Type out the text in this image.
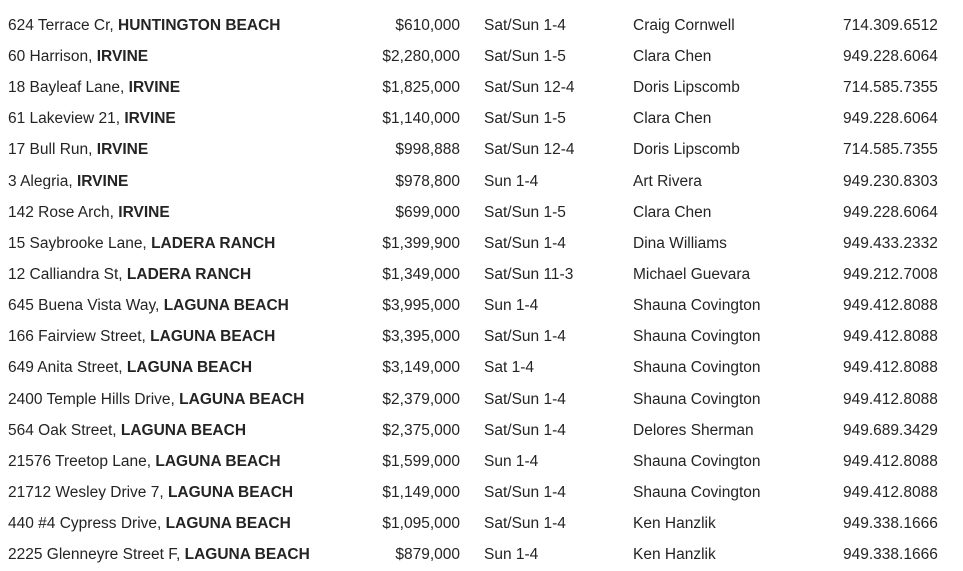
624 Terrace Cr, HUNTINGTON BEACH	$610,000 Sat/Sun 1-4	Craig Cornwell	714.309.6512
60 Harrison, IRVINE	$2,280,000 Sat/Sun 1-5	Clara Chen	949.228.6064
18 Bayleaf Lane, IRVINE	$1,825,000 Sat/Sun 12-4	Doris Lipscomb	714.585.7355
61 Lakeview 21, IRVINE	$1,140,000 Sat/Sun 1-5	Clara Chen	949.228.6064
17 Bull Run, IRVINE	$998,888 Sat/Sun 12-4	Doris Lipscomb	714.585.7355
3 Alegria, IRVINE	$978,800 Sun 1-4	Art Rivera	949.230.8303
142 Rose Arch, IRVINE	$699,000 Sat/Sun 1-5	Clara Chen	949.228.6064
15 Saybrooke Lane, LADERA RANCH	$1,399,900 Sat/Sun 1-4	Dina Williams	949.433.2332
12 Calliandra St, LADERA RANCH	$1,349,000 Sat/Sun 11-3	Michael Guevara	949.212.7008
645 Buena Vista Way, LAGUNA BEACH	$3,995,000 Sun 1-4	Shauna Covington	949.412.8088
166 Fairview Street, LAGUNA BEACH	$3,395,000 Sat/Sun 1-4	Shauna Covington	949.412.8088
649 Anita Street, LAGUNA BEACH	$3,149,000 Sat 1-4	Shauna Covington	949.412.8088
2400 Temple Hills Drive, LAGUNA BEACH	$2,379,000 Sat/Sun 1-4	Shauna Covington	949.412.8088
564 Oak Street, LAGUNA BEACH	$2,375,000 Sat/Sun 1-4	Delores Sherman	949.689.3429
21576 Treetop Lane, LAGUNA BEACH	$1,599,000 Sun 1-4	Shauna Covington	949.412.8088
21712 Wesley Drive 7, LAGUNA BEACH	$1,149,000 Sat/Sun 1-4	Shauna Covington	949.412.8088
440 #4 Cypress Drive, LAGUNA BEACH	$1,095,000 Sat/Sun 1-4	Ken Hanzlik	949.338.1666
2225 Glenneyre Street F, LAGUNA BEACH	$879,000 Sun 1-4	Ken Hanzlik	949.338.1666
